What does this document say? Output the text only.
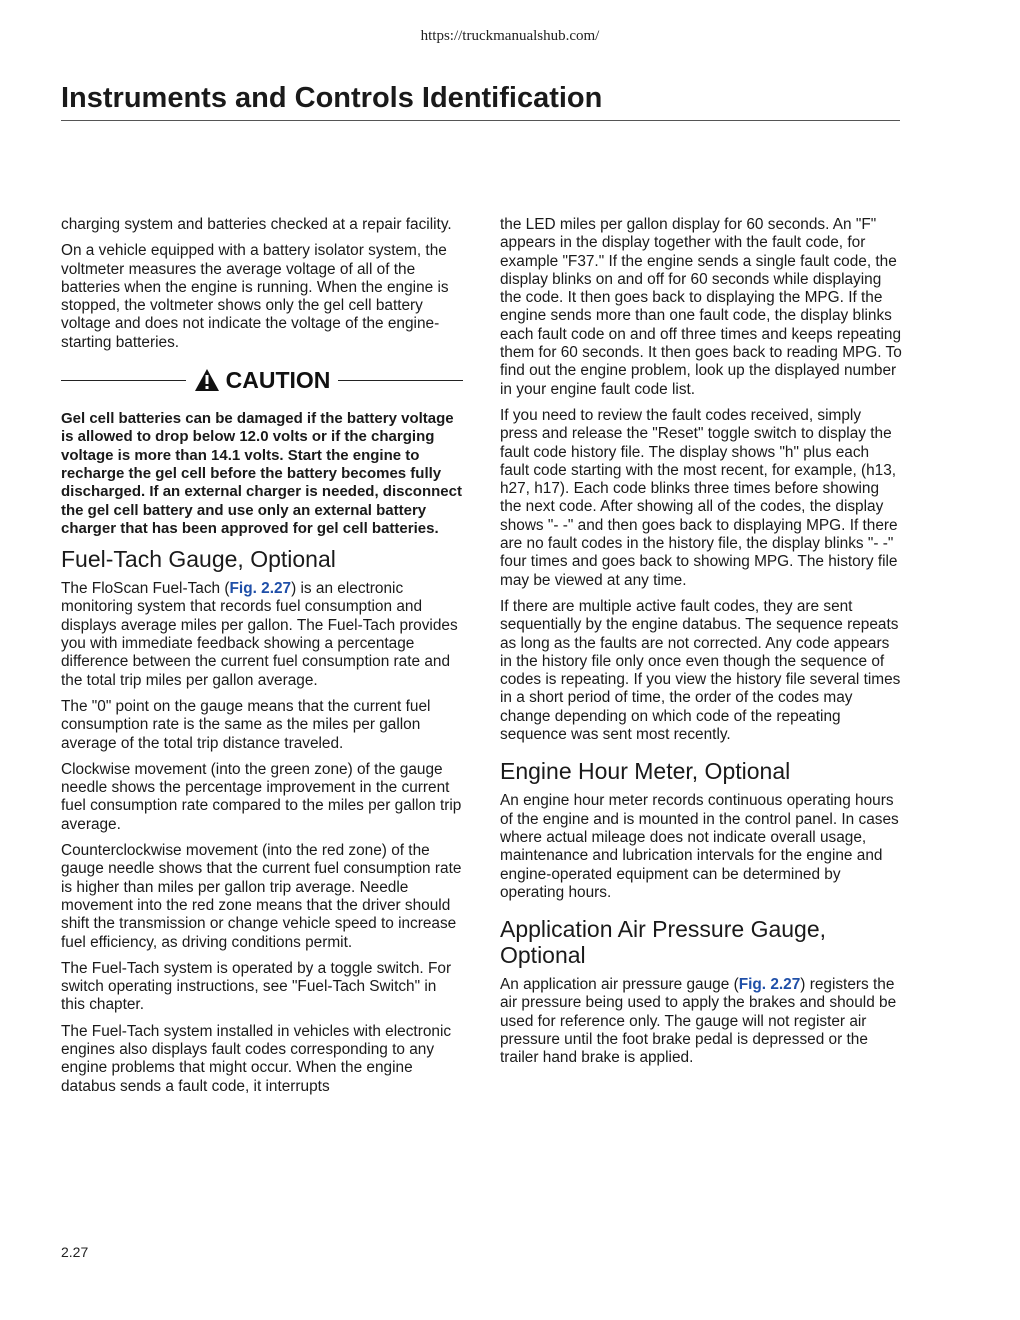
https://truckmanualshub.com/
Instruments and Controls Identification

charging system and batteries checked at a repair facility.

On a vehicle equipped with a battery isolator system, the voltmeter measures the average voltage of all of the batteries when the engine is running. When the engine is stopped, the voltmeter shows only the gel cell battery voltage and does not indicate the voltage of the engine-starting batteries.

CAUTION

Gel cell batteries can be damaged if the battery voltage is allowed to drop below 12.0 volts or if the charging voltage is more than 14.1 volts. Start the engine to recharge the gel cell before the battery becomes fully discharged. If an external charger is needed, disconnect the gel cell battery and use only an external battery charger that has been approved for gel cell batteries.

Fuel-Tach Gauge, Optional

The FloScan Fuel-Tach (Fig. 2.27) is an electronic monitoring system that records fuel consumption and displays average miles per gallon. The Fuel-Tach provides you with immediate feedback showing a percentage difference between the current fuel consumption rate and the total trip miles per gallon average.

The "0" point on the gauge means that the current fuel consumption rate is the same as the miles per gallon average of the total trip distance traveled.

Clockwise movement (into the green zone) of the gauge needle shows the percentage improvement in the current fuel consumption rate compared to the miles per gallon trip average.

Counterclockwise movement (into the red zone) of the gauge needle shows that the current fuel consumption rate is higher than miles per gallon trip average. Needle movement into the red zone means that the driver should shift the transmission or change vehicle speed to increase fuel efficiency, as driving conditions permit.

The Fuel-Tach system is operated by a toggle switch. For switch operating instructions, see "Fuel-Tach Switch" in this chapter.

The Fuel-Tach system installed in vehicles with electronic engines also displays fault codes corresponding to any engine problems that might occur. When the engine databus sends a fault code, it interrupts

the LED miles per gallon display for 60 seconds. An "F" appears in the display together with the fault code, for example "F37." If the engine sends a single fault code, the display blinks on and off for 60 seconds while displaying the code. It then goes back to displaying the MPG. If the engine sends more than one fault code, the display blinks each fault code on and off three times and keeps repeating them for 60 seconds. It then goes back to reading MPG. To find out the engine problem, look up the displayed number in your engine fault code list.

If you need to review the fault codes received, simply press and release the "Reset" toggle switch to display the fault code history file. The display shows "h" plus each fault code starting with the most recent, for example, (h13, h27, h17). Each code blinks three times before showing the next code. After showing all of the codes, the display shows "- -" and then goes back to displaying MPG. If there are no fault codes in the history file, the display blinks "- -" four times and goes back to showing MPG. The history file may be viewed at any time.

If there are multiple active fault codes, they are sent sequentially by the engine databus. The sequence repeats as long as the faults are not corrected. Any code appears in the history file only once even though the sequence of codes is repeating. If you view the history file several times in a short period of time, the order of the codes may change depending on which code of the repeating sequence was sent most recently.

Engine Hour Meter, Optional

An engine hour meter records continuous operating hours of the engine and is mounted in the control panel. In cases where actual mileage does not indicate overall usage, maintenance and lubrication intervals for the engine and engine-operated equipment can be determined by operating hours.

Application Air Pressure Gauge, Optional

An application air pressure gauge (Fig. 2.27) registers the air pressure being used to apply the brakes and should be used for reference only. The gauge will not register air pressure until the foot brake pedal is depressed or the trailer hand brake is applied.

2.27
